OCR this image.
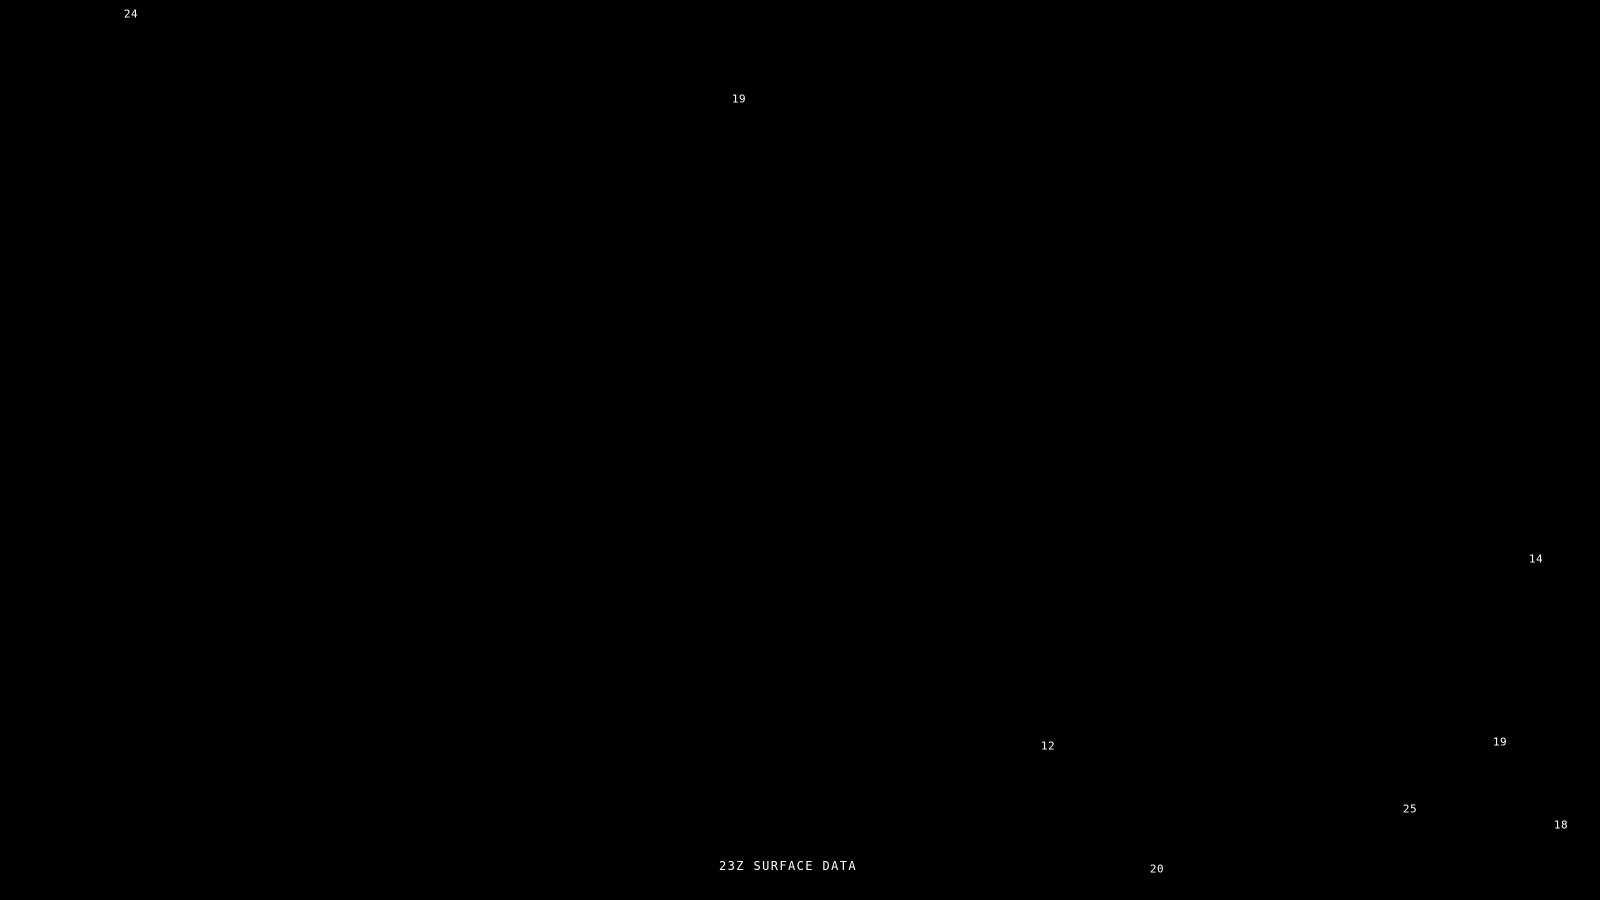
24
19
14
19
12
25
18
20
23Z SURFACE DATA
